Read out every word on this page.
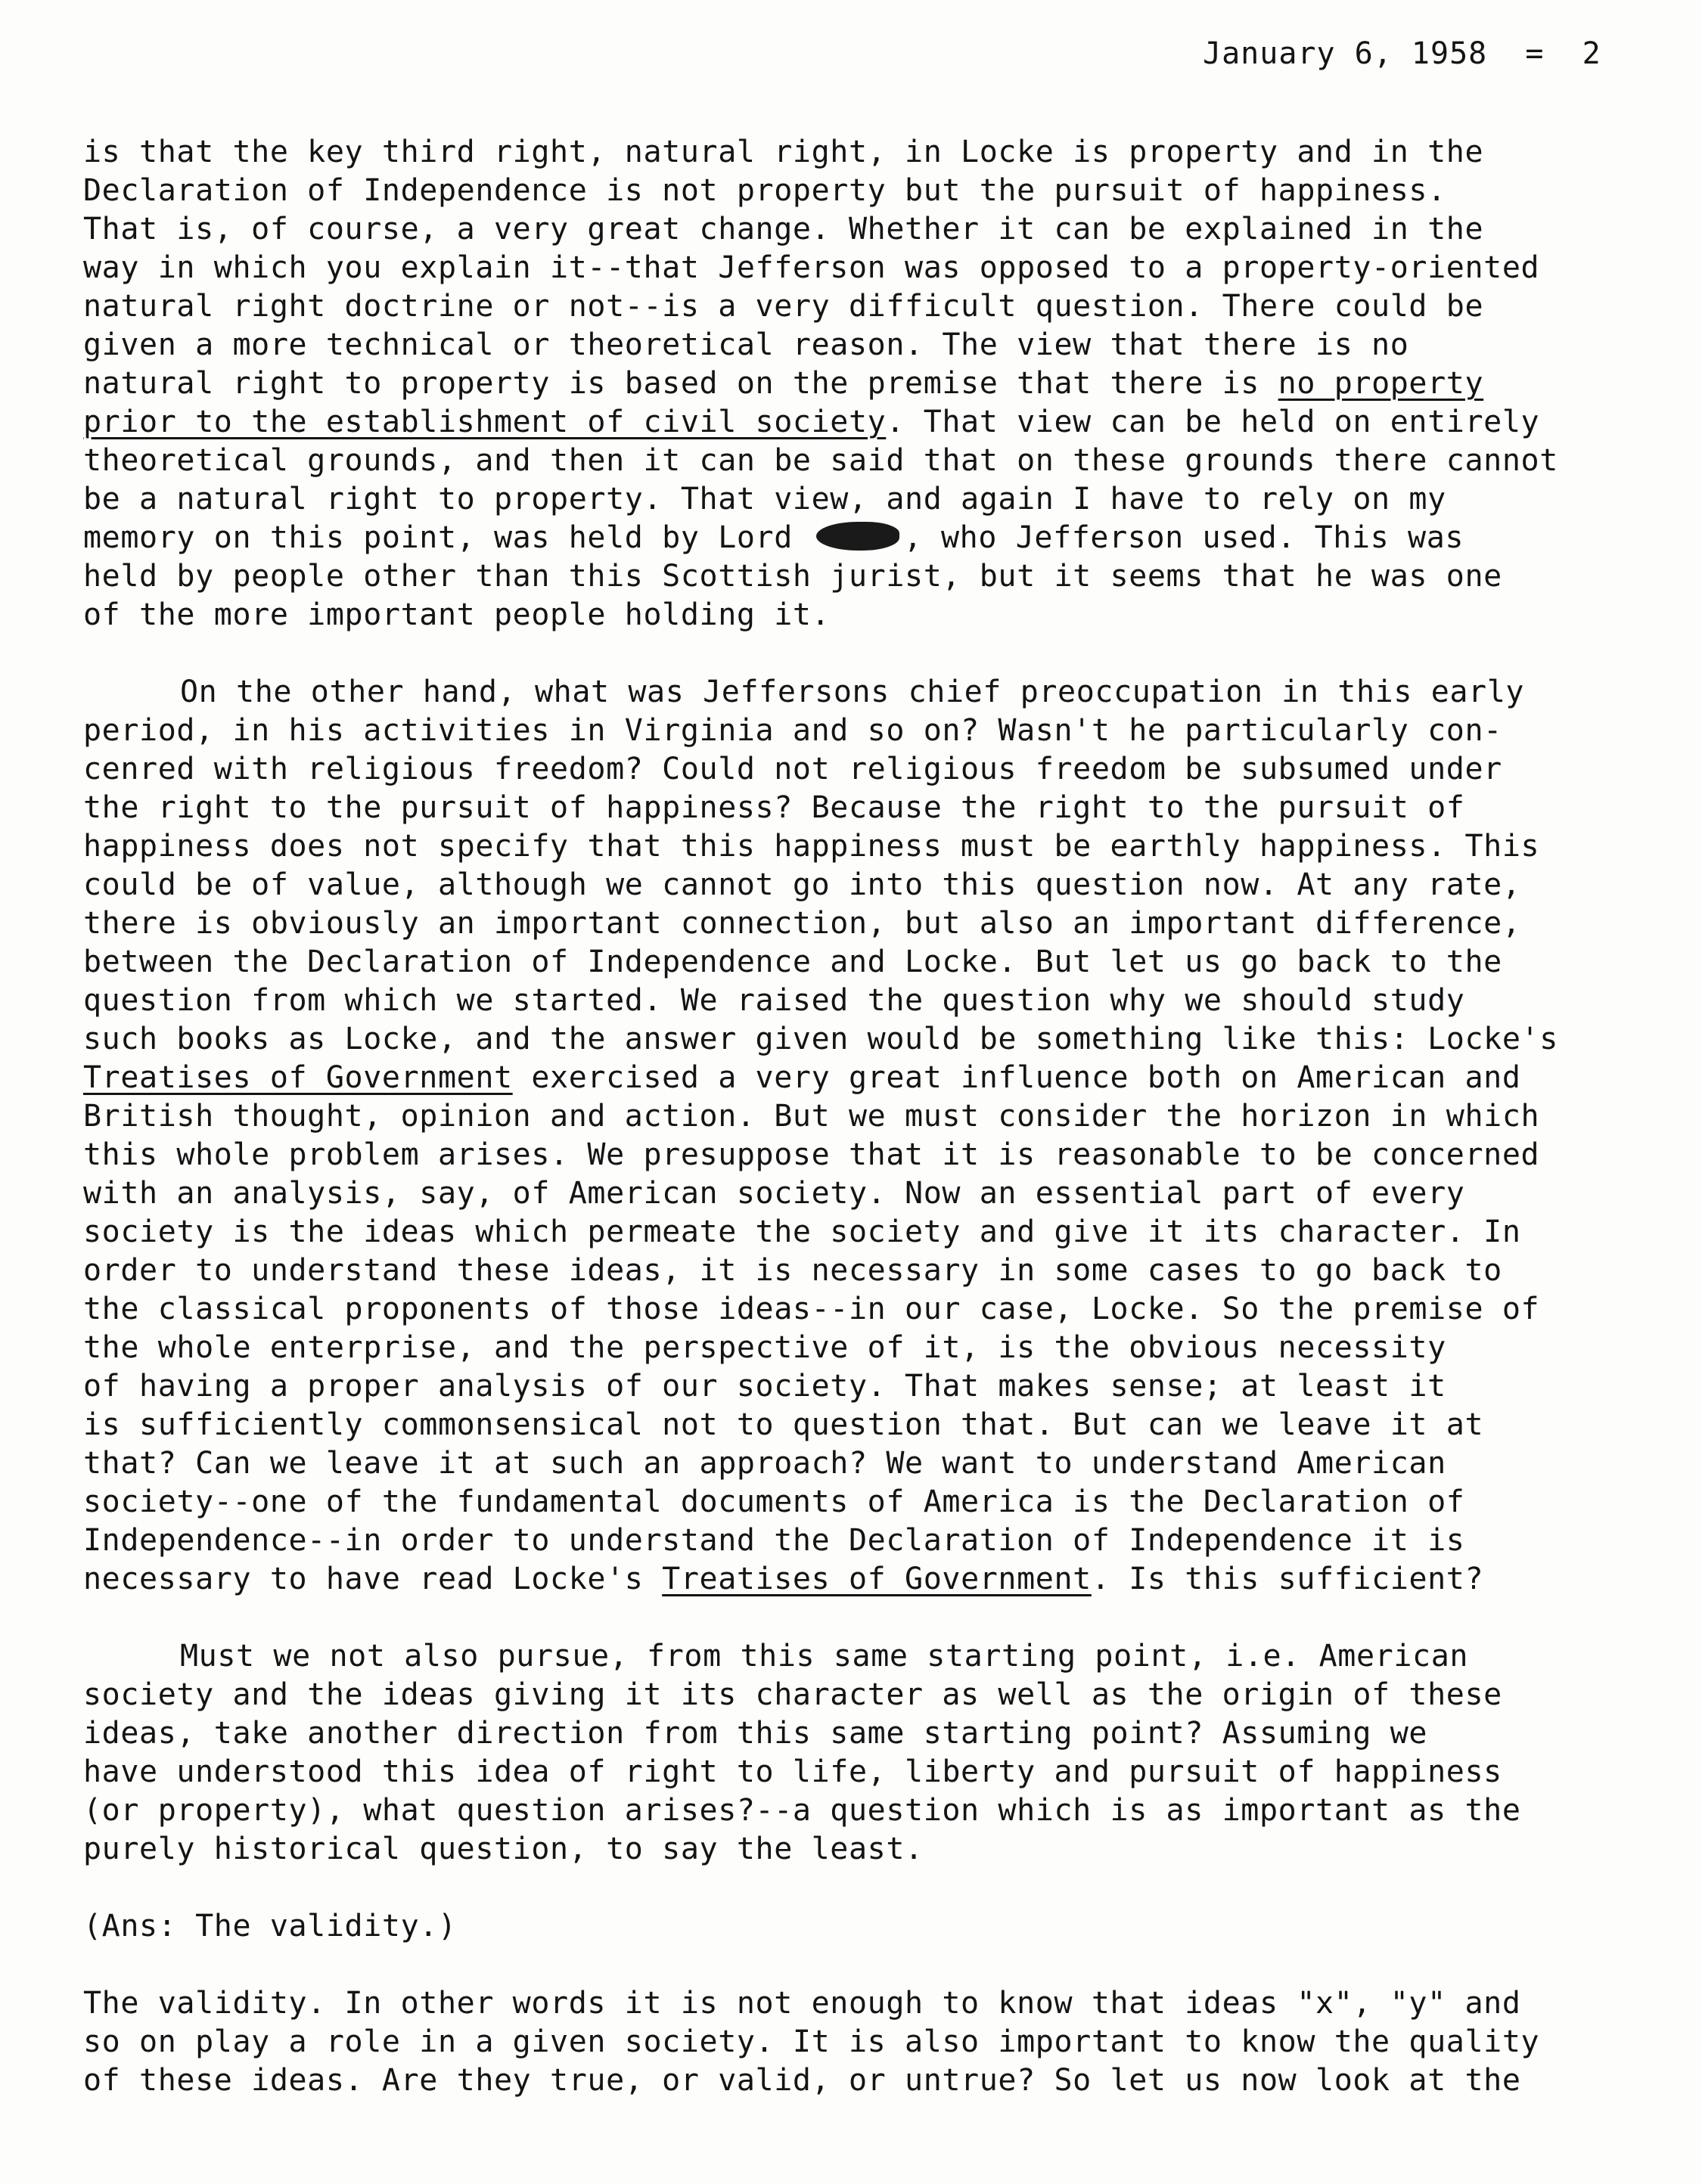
January 6, 1958 = 2
is that the key third right, natural right, in Locke is property and in the
Declaration of Independence is not property but the pursuit of happiness.
That is, of course, a very great change. Whether it can be explained in the
way in which you explain it--that Jefferson was opposed to a property-oriented
natural right doctrine or not--is a very difficult question. There could be
given a more technical or theoretical reason. The view that there is no
natural right to property is based on the premise that there is no property
prior to the establishment of civil society. That view can be held on entirely
theoretical grounds, and then it can be said that on these grounds there cannot
be a natural right to property. That view, and again I have to rely on my
memory on this point, was held by Lord	, who Jefferson used. This was
held by people other than this Scottish jurist, but it seems that he was one
of the more important people holding it.
On the other hand, what was Jeffersons chief preoccupation in this early
period, in his activities in Virginia and so on? Wasn't he particularly con-
cenred with religious freedom? Could not religious freedom be subsumed under
the right to the pursuit of happiness? Because the right to the pursuit of
happiness does not specify that this happiness must be earthly happiness. This
could be of value, although we cannot go into this question now. At any rate,
there is obviously an important connection, but also an important difference,
between the Declaration of Independence and Locke. But let us go back to the
question from which we started. We raised the question why we should study
such books as Locke, and the answer given would be something like this: Locke's
Treatises of Government exercised a very great influence both on American and
British thought, opinion and action. But we must consider the horizon in which
this whole problem arises. We presuppose that it is reasonable to be concerned
with an analysis, say, of American society. Now an essential part of every
society is the ideas which permeate the society and give it its character. In
order to understand these ideas, it is necessary in some cases to go back to
the classical proponents of those ideas--in our case, Locke. So the premise of
the whole enterprise, and the perspective of it, is the obvious necessity
of having a proper analysis of our society. That makes sense; at least it
is sufficiently commonsensical not to question that. But can we leave it at
that? Can we leave it at such an approach? We want to understand American
society--one of the fundamental documents of America is the Declaration of
Independence--in order to understand the Declaration of Independence it is
necessary to have read Locke's Treatises of Government. Is this sufficient?
Must we not also pursue, from this same starting point, i.e. American
society and the ideas giving it its character as well as the origin of these
ideas, take another direction from this same starting point? Assuming we
have understood this idea of right to life, liberty and pursuit of happiness
(or property), what question arises?--a question which is as important as the
purely historical question, to say the least.
(Ans: The validity.)
The validity. In other words it is not enough to know that ideas "x", "y" and
so on play a role in a given society. It is also important to know the quality
of these ideas. Are they true, or valid, or untrue? So let us now look at the
